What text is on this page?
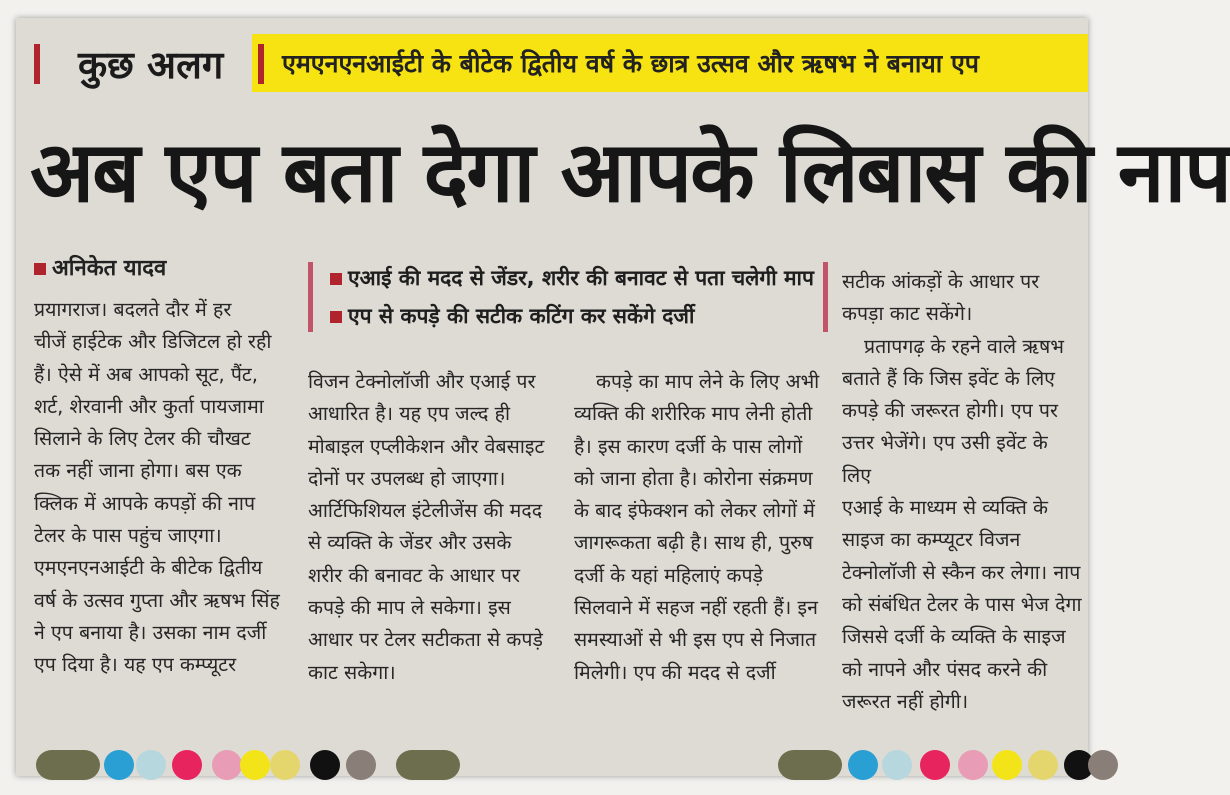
कुछ अलग एमएनएनआईटी के बीटेक द्वितीय वर्ष के छात्र उत्सव और ऋषभ ने बनाया एप
अब एप बता देगा आपके लिबास की नाप
अनिकेत यादव	एआई की मदद से जेंडर, शरीर की बनावट से पता चलेगी माप
एप से कपड़े की सटीक कटिंग कर सकेंगे दर्जी

प्रयागराज। बदलते दौर में हर

चीजें हाईटेक और डिजिटल हो रही

हैं। ऐसे में अब आपको सूट, पैंट,

शर्ट, शेरवानी और कुर्ता पायजामा

सिलाने के लिए टेलर की चौखट

तक नहीं जाना होगा। बस एक

क्लिक में आपके कपड़ों की नाप

टेलर के पास पहुंच जाएगा।

एमएनएनआईटी के बीटेक द्वितीय

वर्ष के उत्सव गुप्ता और ऋषभ सिंह

ने एप बनाया है। उसका नाम दर्जी

एप दिया है। यह एप कम्प्यूटर

विजन टेक्नोलॉजी और एआई पर

आधारित है। यह एप जल्द ही

मोबाइल एप्लीकेशन और वेबसाइट

दोनों पर उपलब्ध हो जाएगा।

आर्टिफिशियल इंटेलीजेंस की मदद

से व्यक्ति के जेंडर और उसके

शरीर की बनावट के आधार पर

कपड़े की माप ले सकेगा। इस

आधार पर टेलर सटीकता से कपड़े

काट सकेगा।

कपड़े का माप लेने के लिए अभी

व्यक्ति की शरीरिक माप लेनी होती

है। इस कारण दर्जी के पास लोगों

को जाना होता है। कोरोना संक्रमण

के बाद इंफेक्शन को लेकर लोगों में

जागरूकता बढ़ी है। साथ ही, पुरुष

दर्जी के यहां महिलाएं कपड़े

सिलवाने में सहज नहीं रहती हैं। इन

समस्याओं से भी इस एप से निजात

मिलेगी। एप की मदद से दर्जी

सटीक आंकड़ों के आधार पर

कपड़ा काट सकेंगे।

प्रतापगढ़ के रहने वाले ऋषभ

बताते हैं कि जिस इवेंट के लिए

कपड़े की जरूरत होगी। एप पर

उत्तर भेजेंगे। एप उसी इवेंट के लिए

एआई के माध्यम से व्यक्ति के

साइज का कम्प्यूटर विजन

टेक्नोलॉजी से स्कैन कर लेगा। नाप

को संबंधित टेलर के पास भेज देगा

जिससे दर्जी के व्यक्ति के साइज

को नापने और पंसद करने की

जरूरत नहीं होगी।
